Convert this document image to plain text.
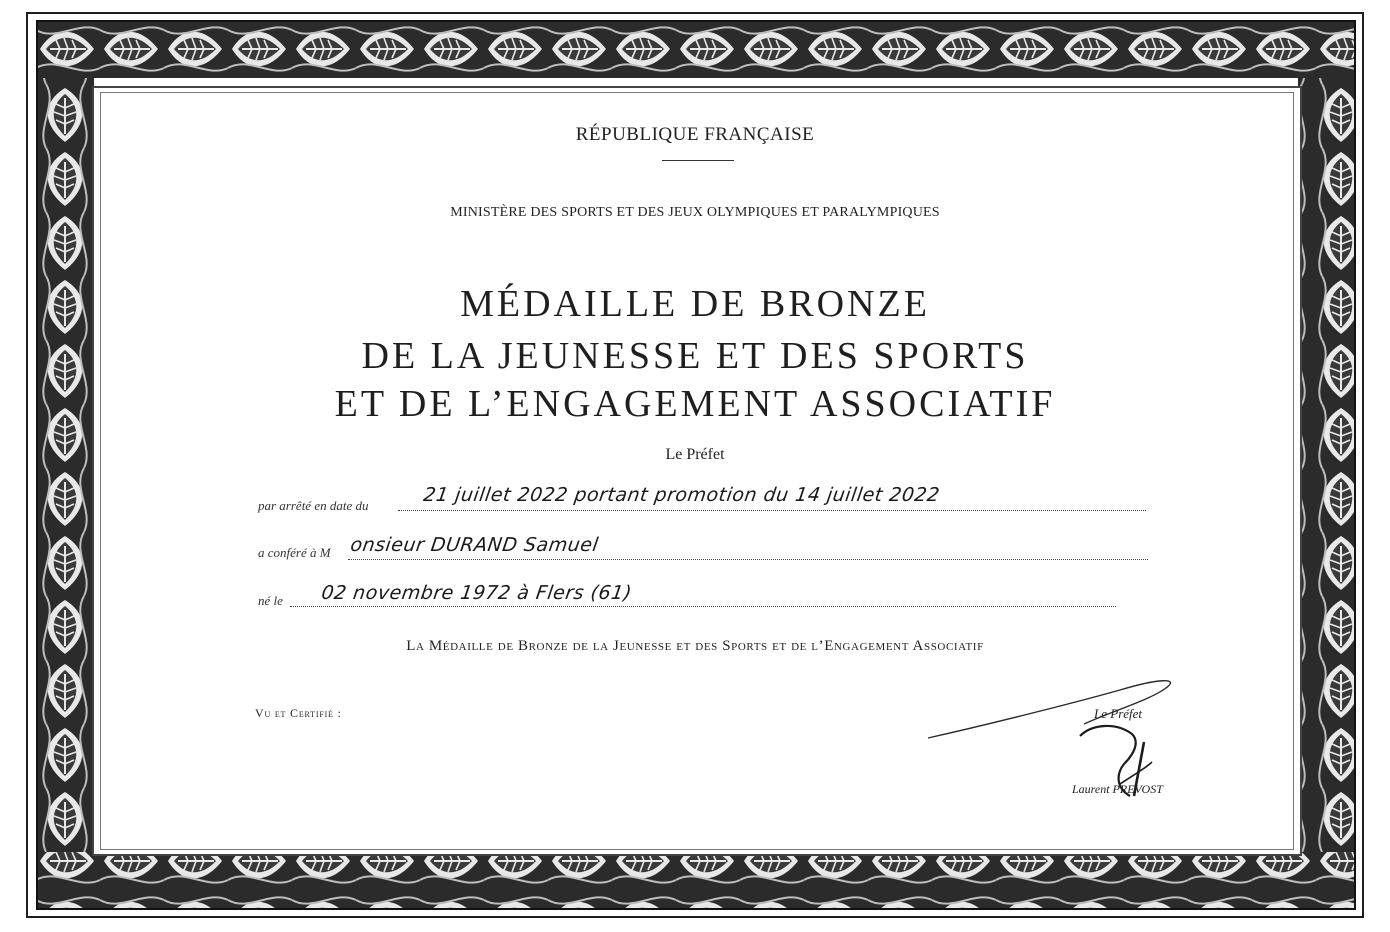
RÉPUBLIQUE FRANÇAISE
MINISTÈRE DES SPORTS ET DES JEUX OLYMPIQUES ET PARALYMPIQUES
MÉDAILLE DE BRONZE
DE LA JEUNESSE ET DES SPORTS
ET DE L’ENGAGEMENT ASSOCIATIF
Le Préfet
par arrêté en date du	21 juillet 2022 portant promotion du 14 juillet 2022
a conféré à M onsieur DURAND Samuel
né le 02 novembre 1972 à Flers (61)
La Médaille de Bronze de la Jeunesse et des Sports et de l’Engagement Associatif
Vu et Certifié :	Le Préfet
Laurent PREVOST
